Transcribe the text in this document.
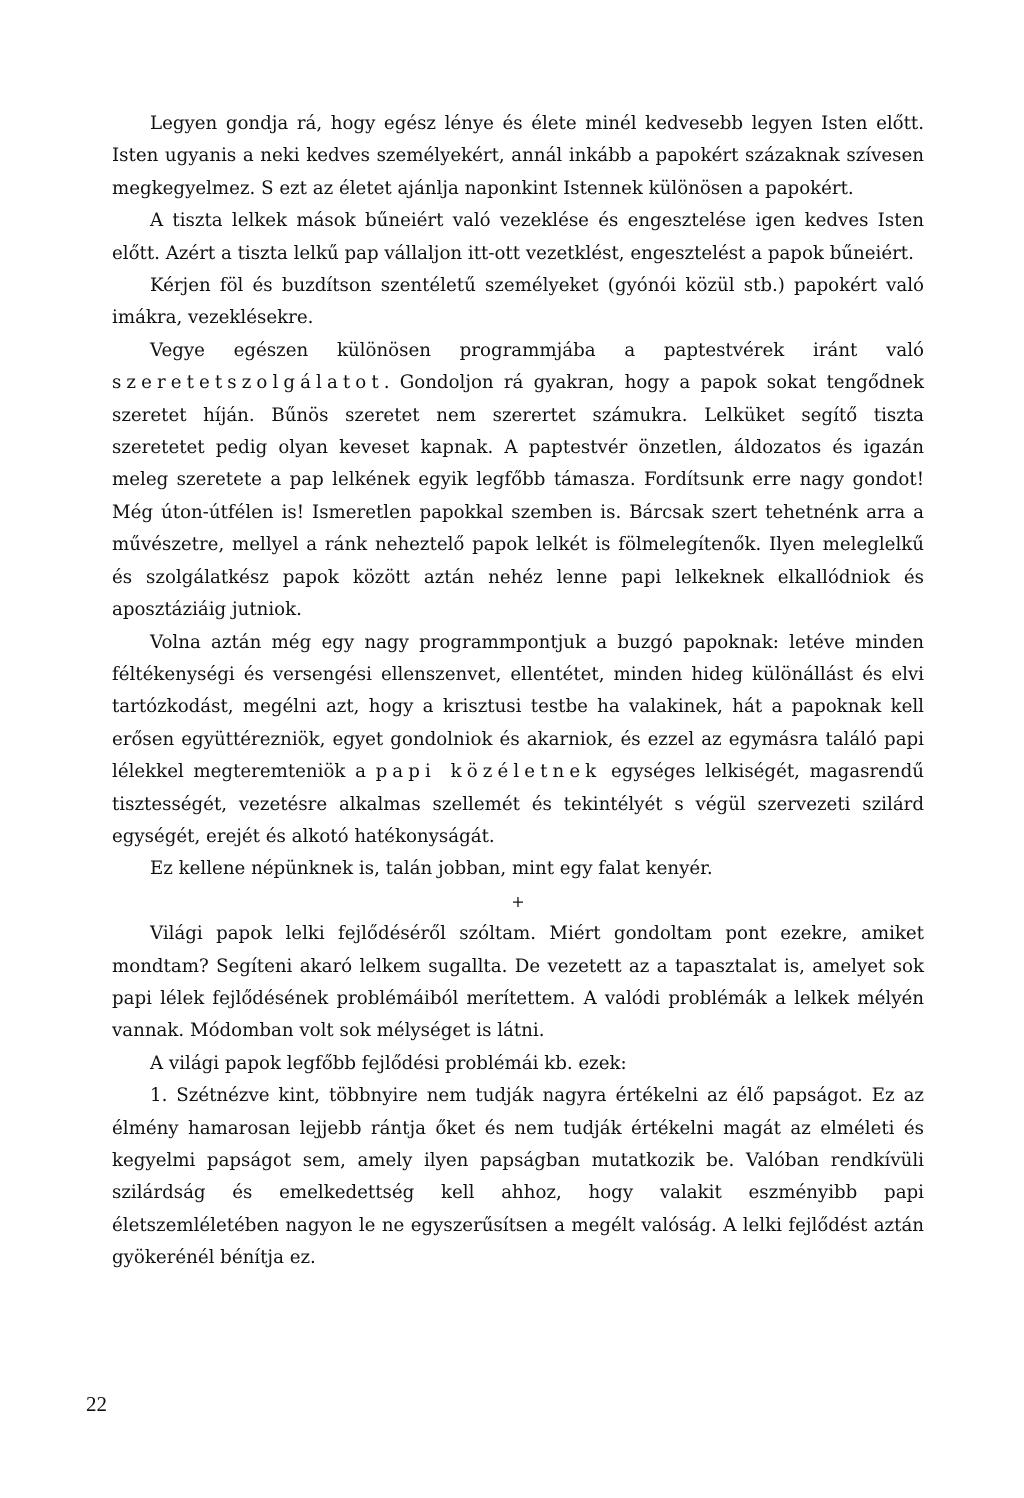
Legyen gondja rá, hogy egész lénye és élete minél kedvesebb legyen Isten előtt. Isten ugyanis a neki kedves személyekért, annál inkább a papokért százaknak szívesen megkegyelmez. S ezt az életet ajánlja naponkint Istennek különösen a papokért.

A tiszta lelkek mások bűneiért való vezeklése és engesztelése igen kedves Isten előtt. Azért a tiszta lelkű pap vállaljon itt-ott vezetklést, engesztelést a papok bűneiért.

Kérjen föl és buzdítson szentéletű személyeket (gyónói közül stb.) papokért való imákra, vezeklésekre.

Vegye egészen különösen programmjába a paptestvérek iránt való szeretetszolgálatot. Gondoljon rá gyakran, hogy a papok sokat tengődnek szeretet híján. Bűnös szeretet nem szerertet számukra. Lelküket segítő tiszta szeretetet pedig olyan keveset kapnak. A paptestvér önzetlen, áldozatos és igazán meleg szeretete a pap lelkének egyik legfőbb támasza. Fordítsunk erre nagy gondot! Még úton-útfélen is! Ismeretlen papokkal szemben is. Bárcsak szert tehetnénk arra a művészetre, mellyel a ránk neheztelő papok lelkét is fölmelegítenők. Ilyen meleglelkű és szolgálatkész papok között aztán nehéz lenne papi lelkeknek elkallódniok és aposztáziáig jutniok.

Volna aztán még egy nagy programmpontjuk a buzgó papoknak: letéve minden féltékenységi és versengési ellenszenvet, ellentétet, minden hideg különállást és elvi tartózkodást, megélni azt, hogy a krisztusi testbe ha valakinek, hát a papoknak kell erősen együttérezniök, egyet gondolniok és akarniok, és ezzel az egymásra találó papi lélekkel megteremteniök a papi közéletnek egységes lelkiségét, magasrendű tisztességét, vezetésre alkalmas szellemét és tekintélyét s végül szervezeti szilárd egységét, erejét és alkotó hatékonyságát.

Ez kellene népünknek is, talán jobban, mint egy falat kenyér.

+

Világi papok lelki fejlődéséről szóltam. Miért gondoltam pont ezekre, amiket mondtam? Segíteni akaró lelkem sugallta. De vezetett az a tapasztalat is, amelyet sok papi lélek fejlődésének problémáiból merítettem. A valódi problémák a lelkek mélyén vannak. Módomban volt sok mélységet is látni.

A világi papok legfőbb fejlődési problémái kb. ezek:

1. Szétnézve kint, többnyire nem tudják nagyra értékelni az élő papságot. Ez az élmény hamarosan lejjebb rántja őket és nem tudják értékelni magát az elméleti és kegyelmi papságot sem, amely ilyen papságban mutatkozik be. Valóban rendkívüli szilárdság és emelkedettség kell ahhoz, hogy valakit eszményibb papi életszemléletében nagyon le ne egyszerűsítsen a megélt valóság. A lelki fejlődést aztán gyökerénél bénítja ez.

22
